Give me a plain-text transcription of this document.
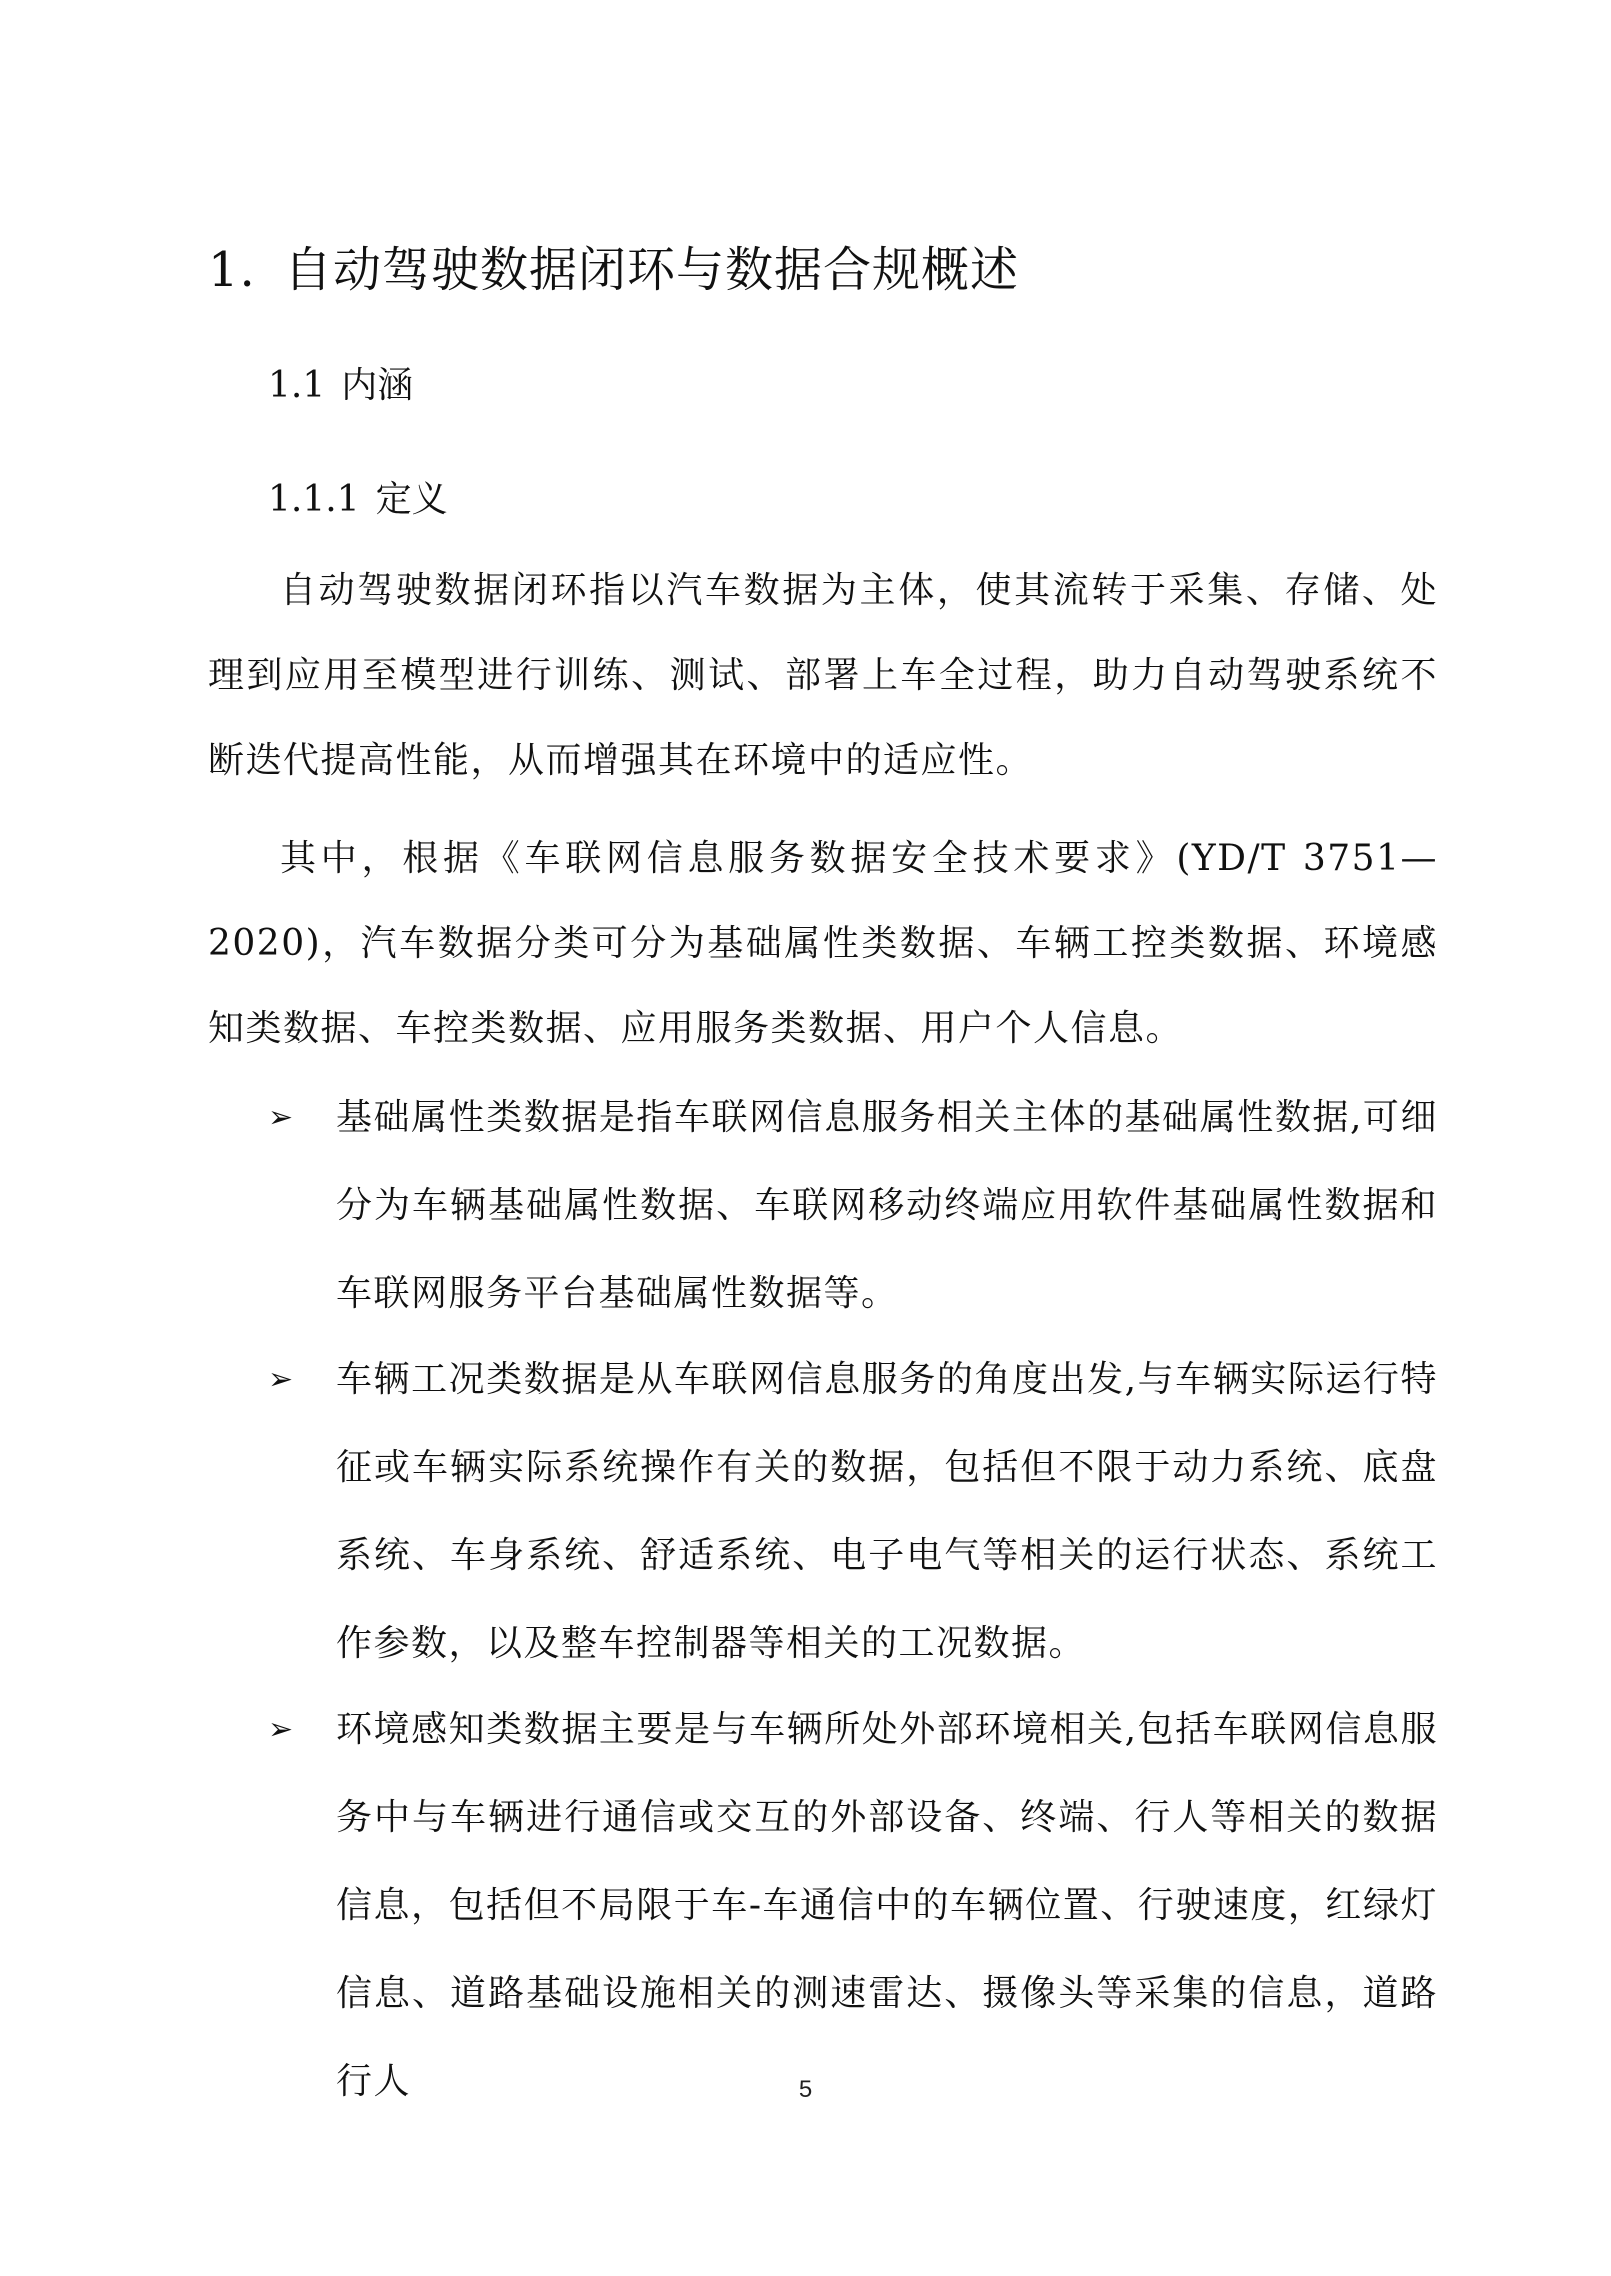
1. 自动驾驶数据闭环与数据合规概述
1.1 内涵
1.1.1 定义

自动驾驶数据闭环指以汽车数据为主体，使其流转于采集、存储、处理到应用至模型进行训练、测试、部署上车全过程，助力自动驾驶系统不断迭代提高性能，从而增强其在环境中的适应性。

其中，根据《车联网信息服务数据安全技术要求》(YD/T 3751—2020)，汽车数据分类可分为基础属性类数据、车辆工控类数据、环境感知类数据、车控类数据、应用服务类数据、用户个人信息。

➢	基础属性类数据是指车联网信息服务相关主体的基础属性数据,可细分为车辆基础属性数据、车联网移动终端应用软件基础属性数据和车联网服务平台基础属性数据等。
➢	车辆工况类数据是从车联网信息服务的角度出发,与车辆实际运行特征或车辆实际系统操作有关的数据，包括但不限于动力系统、底盘系统、车身系统、舒适系统、电子电气等相关的运行状态、系统工作参数，以及整车控制器等相关的工况数据。
➢	环境感知类数据主要是与车辆所处外部环境相关,包括车联网信息服务中与车辆进行通信或交互的外部设备、终端、行人等相关的数据信息，包括但不局限于车-车通信中的车辆位置、行驶速度，红绿灯信息、道路基础设施相关的测速雷达、摄像头等采集的信息，道路行人	5
